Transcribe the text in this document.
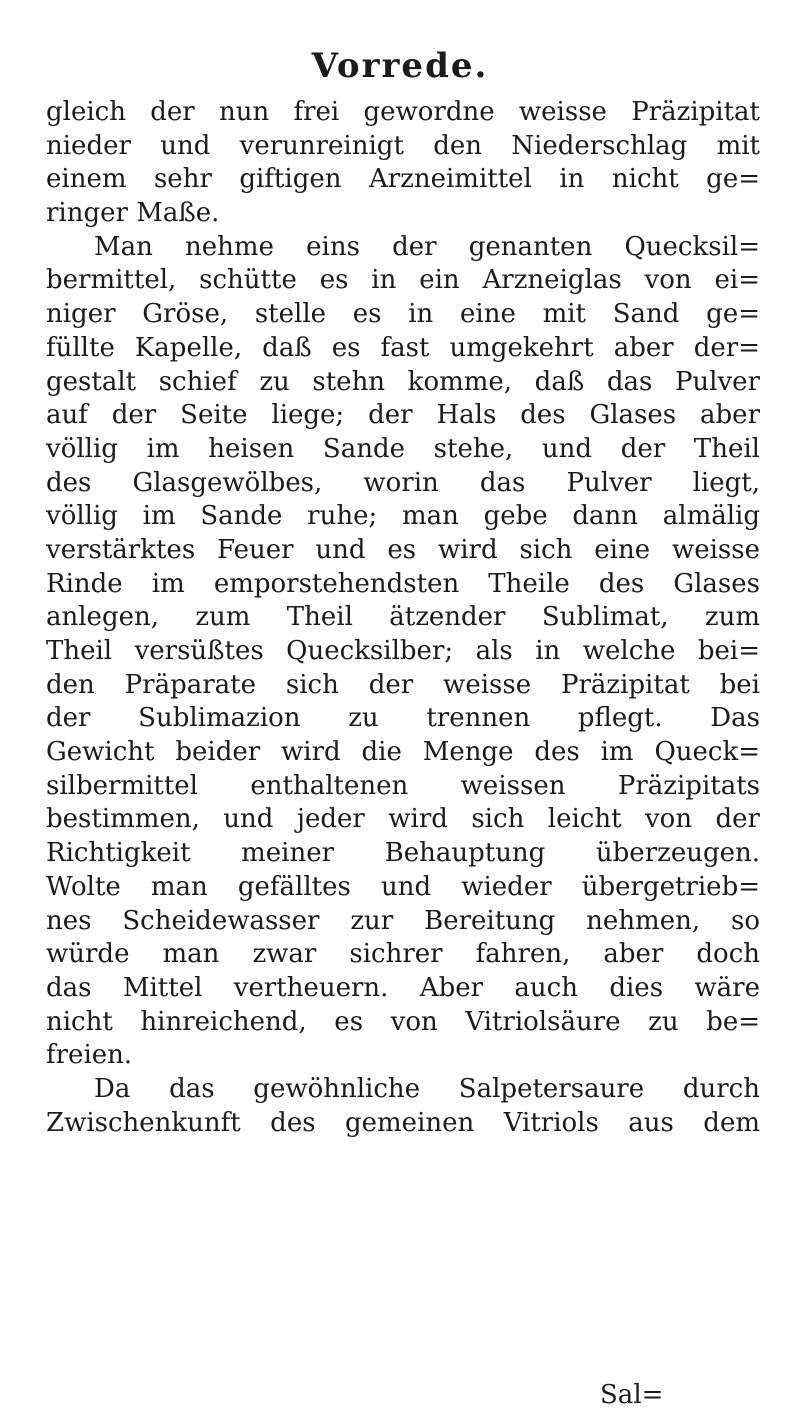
Vorrede.
gleich der nun frei gewordne weisse Präzipitat
nieder und verunreinigt den Niederschlag mit
einem sehr giftigen Arzneimittel in nicht ge=
ringer Maße.
Man nehme eins der genanten Quecksil=
bermittel, schütte es in ein Arzneiglas von ei=
niger Gröse, stelle es in eine mit Sand ge=
füllte Kapelle, daß es fast umgekehrt aber der=
gestalt schief zu stehn komme, daß das Pulver
auf der Seite liege; der Hals des Glases aber
völlig im heisen Sande stehe, und der Theil
des Glasgewölbes, worin das Pulver liegt,
völlig im Sande ruhe; man gebe dann almälig
verstärktes Feuer und es wird sich eine weisse
Rinde im emporstehendsten Theile des Glases
anlegen, zum Theil ätzender Sublimat, zum
Theil versüßtes Quecksilber; als in welche bei=
den Präparate sich der weisse Präzipitat bei
der Sublimazion zu trennen pflegt. Das
Gewicht beider wird die Menge des im Queck=
silbermittel enthaltenen weissen Präzipitats
bestimmen, und jeder wird sich leicht von der
Richtigkeit meiner Behauptung überzeugen.
Wolte man gefälltes und wieder übergetrieb=
nes Scheidewasser zur Bereitung nehmen, so
würde man zwar sichrer fahren, aber doch
das Mittel vertheuern. Aber auch dies wäre
nicht hinreichend, es von Vitriolsäure zu be=
freien.
Da das gewöhnliche Salpetersaure durch
Zwischenkunft des gemeinen Vitriols aus dem
Sal=
